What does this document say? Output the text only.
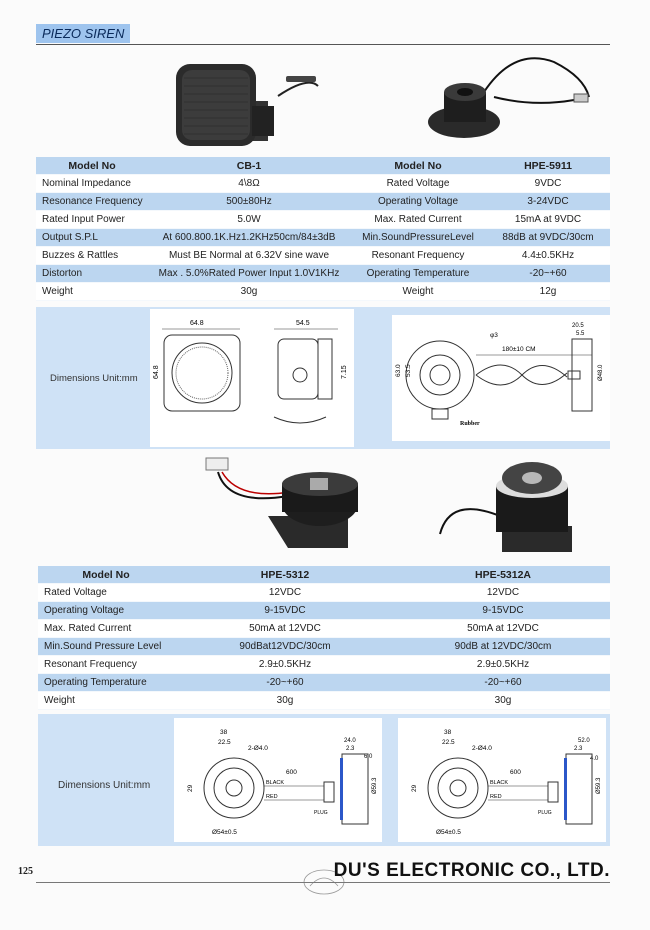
PIEZO SIREN
Model No	CB-1	Model No	HPE-5911
Nominal Impedance	4\8Ω	Rated Voltage	9VDC
Resonance Frequency	500±80Hz	Operating Voltage	3-24VDC
Rated Input Power	5.0W	Max. Rated Current	15mA at 9VDC
Output S.P.L	At 600.800.1K.Hz1.2KHz50cm/84±3dB	Min.SoundPressureLevel	88dB at 9VDC/30cm
Buzzes & Rattles	Must BE Normal at 6.32V sine wave	Resonant Frequency	4.4±0.5KHz
Distorton	Max . 5.0%Rated Power Input 1.0V1KHz	Operating Temperature	-20~+60
Weight	30g	Weight	12g
Dimensions Unit:mm
64.8
64.8
54.5
7.15	63.0 53.5
φ3
180±10 CM
Rubber
20.5
5.5
Ø48.0
Model No	HPE-5312	HPE-5312A
Rated Voltage	12VDC	12VDC
Operating Voltage	9-15VDC	9-15VDC
Max. Rated Current	50mA at 12VDC	50mA at 12VDC
Min.Sound Pressure Level	90dBat12VDC/30cm	90dB at 12VDC/30cm
Resonant Frequency	2.9±0.5KHz	2.9±0.5KHz
Operating Temperature	-20~+60	-20~+60
Weight	30g	30g
Dimensions Unit:mm
38
22.5
2-Ø4.0
29
600
BLACK
RED
PLUG
Ø54±0.5
24.0
2.3
6.0
Ø59.3
38
22.5
2-Ø4.0
29
600
BLACK
RED
PLUG
Ø54±0.5
52.0
2.3
4.0
Ø59.3
125	DU'S ELECTRONIC CO., LTD.
